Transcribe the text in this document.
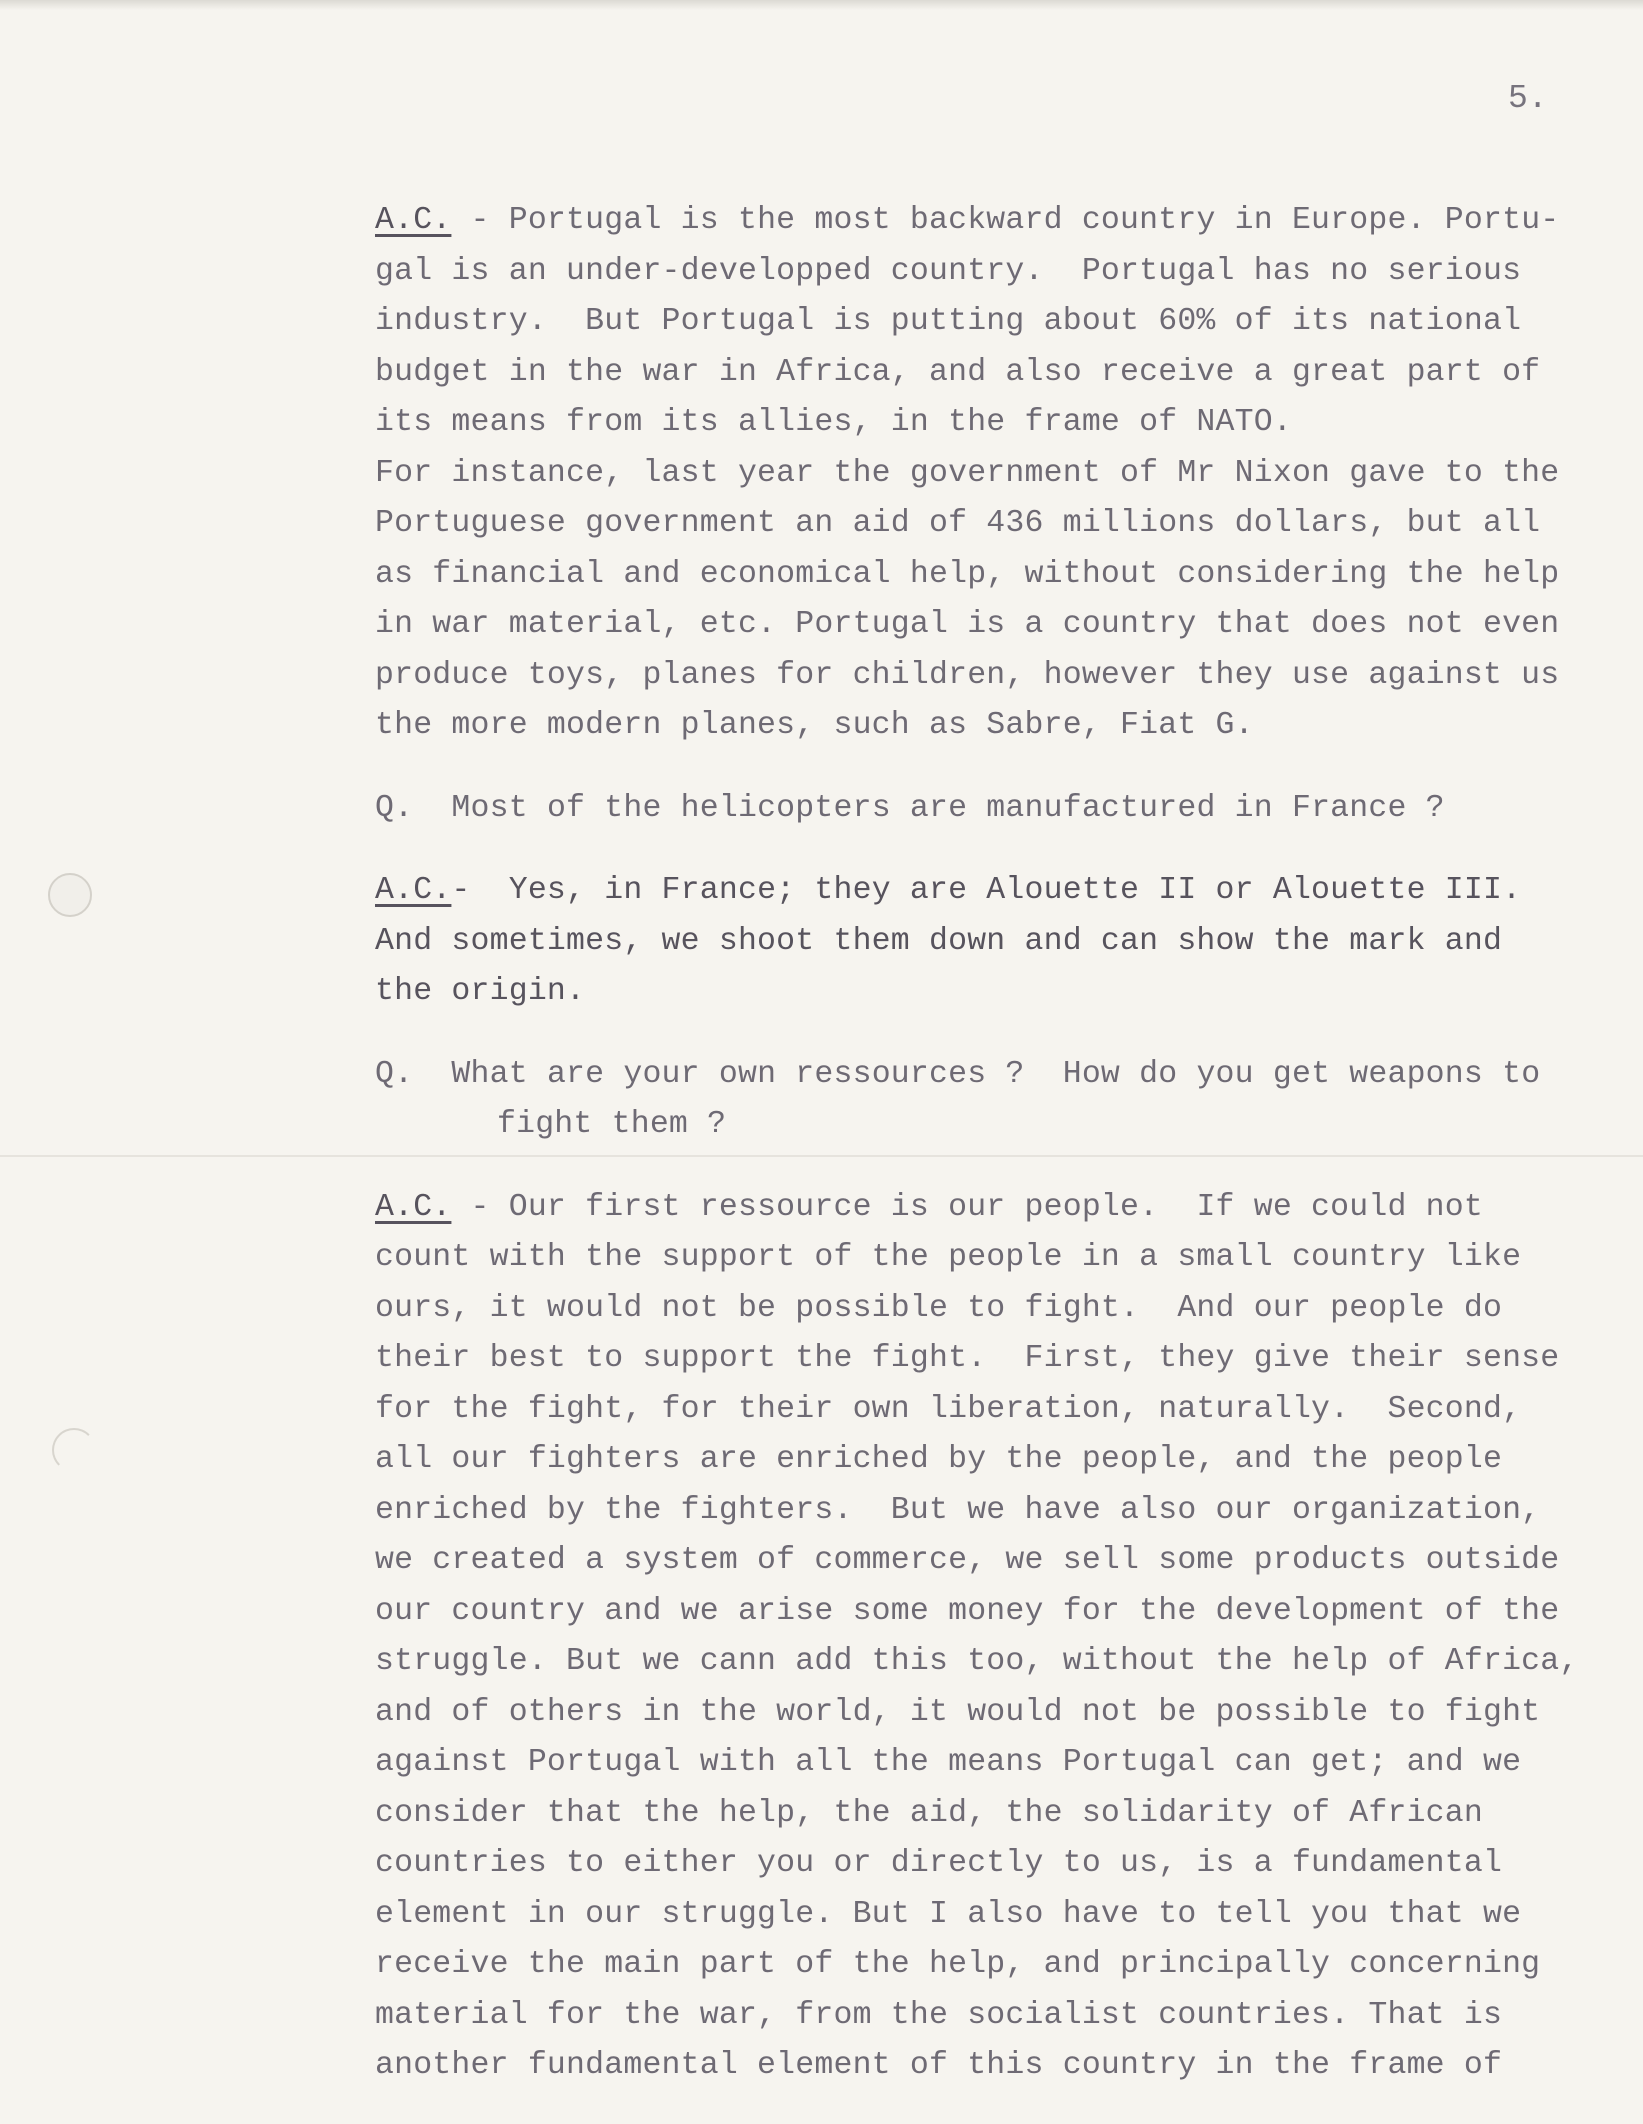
5.
A.C. - Portugal is the most backward country in Europe. Portu-
gal is an under-developped country.  Portugal has no serious
industry.  But Portugal is putting about 60% of its national
budget in the war in Africa, and also receive a great part of
its means from its allies, in the frame of NATO.
For instance, last year the government of Mr Nixon gave to the
Portuguese government an aid of 436 millions dollars, but all
as financial and economical help, without considering the help
in war material, etc. Portugal is a country that does not even
produce toys, planes for children, however they use against us
the more modern planes, such as Sabre, Fiat G.
Q.  Most of the helicopters are manufactured in France ?
A.C.-  Yes, in France; they are Alouette II or Alouette III.
And sometimes, we shoot them down and can show the mark and
the origin.
Q.  What are your own ressources ?  How do you get weapons to
fight them ?
A.C. - Our first ressource is our people.  If we could not
count with the support of the people in a small country like
ours, it would not be possible to fight.  And our people do
their best to support the fight.  First, they give their sense
for the fight, for their own liberation, naturally.  Second,
all our fighters are enriched by the people, and the people
enriched by the fighters.  But we have also our organization,
we created a system of commerce, we sell some products outside
our country and we arise some money for the development of the
struggle. But we cann add this too, without the help of Africa,
and of others in the world, it would not be possible to fight
against Portugal with all the means Portugal can get; and we
consider that the help, the aid, the solidarity of African
countries to either you or directly to us, is a fundamental
element in our struggle. But I also have to tell you that we
receive the main part of the help, and principally concerning
material for the war, from the socialist countries. That is
another fundamental element of this country in the frame of
